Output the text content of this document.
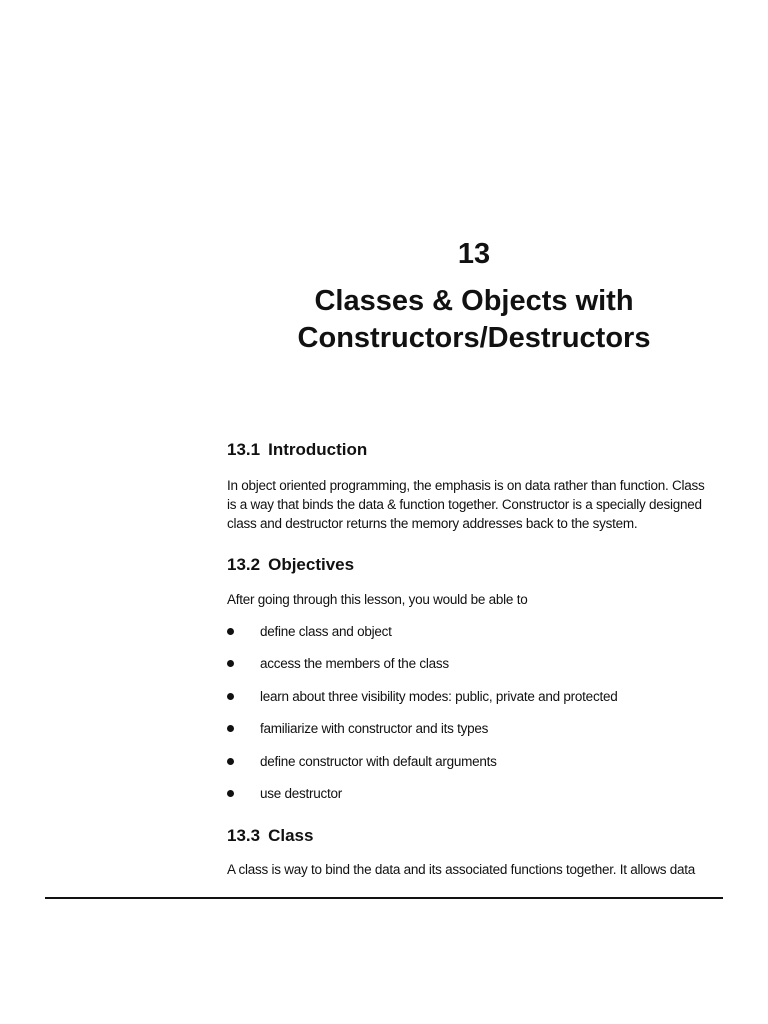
13
Classes & Objects with
Constructors/Destructors
13.1 Introduction
In object oriented programming, the emphasis is on data rather than function. Class
is a way that binds the data & function together. Constructor is a specially designed
class and destructor returns the memory addresses back to the system.
13.2 Objectives
After going through this lesson, you would be able to
define class and object
access the members of the class
learn about three visibility modes: public, private and protected
familiarize with constructor and its types
define constructor with default arguments
use destructor
13.3 Class
A class is way to bind the data and its associated functions together. It allows data
